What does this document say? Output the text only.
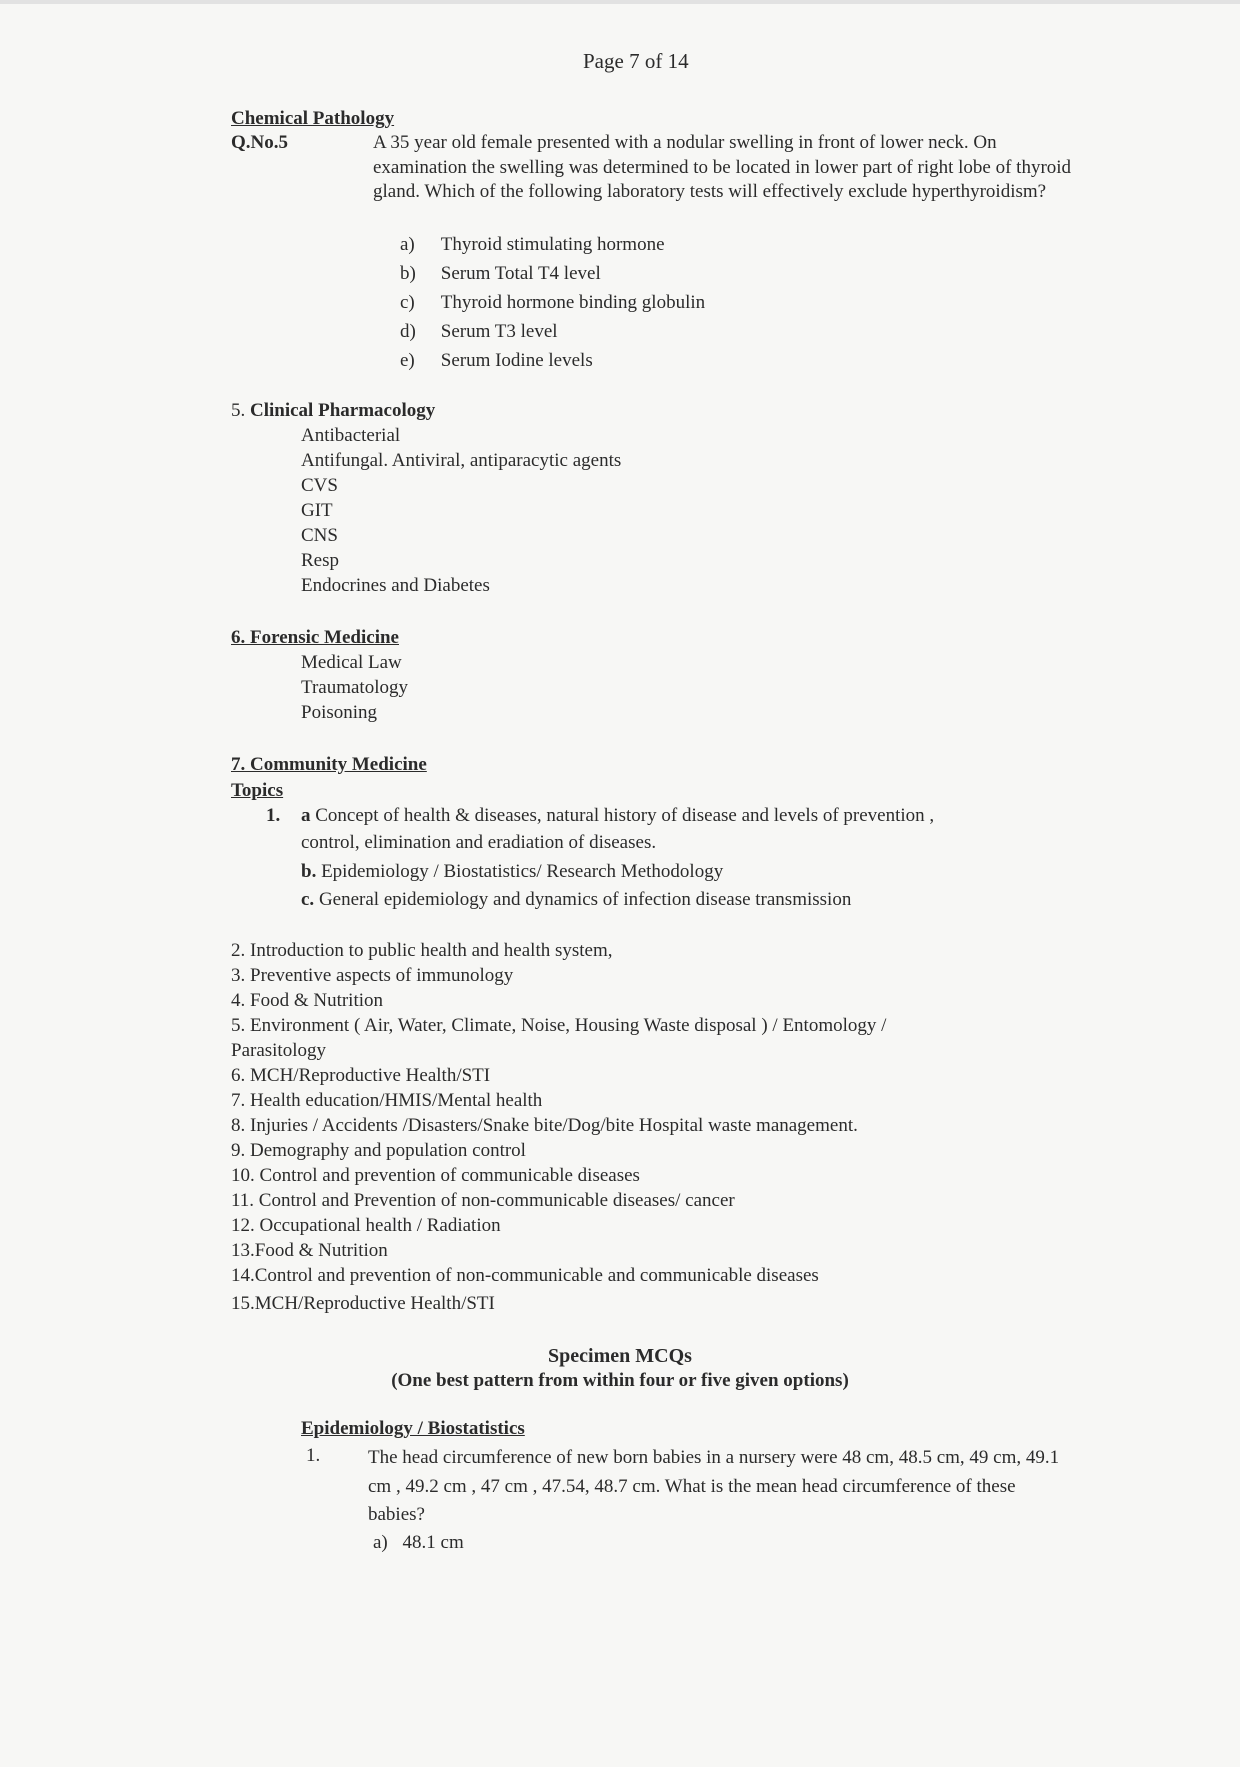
Page 7 of 14
Chemical Pathology
Q.No.5	A 35 year old female presented with a nodular swelling in front of lower neck. On examination the swelling was determined to be located in lower part of right lobe of thyroid gland. Which of the following laboratory tests will effectively exclude hyperthyroidism?
a) Thyroid stimulating hormone
b) Serum Total T4 level
c) Thyroid hormone binding globulin
d) Serum T3 level
e) Serum Iodine levels
5. Clinical Pharmacology
Antibacterial
Antifungal. Antiviral, antiparacytic agents
CVS
GIT
CNS
Resp
Endocrines and Diabetes
6. Forensic Medicine
Medical Law
Traumatology
Poisoning
7. Community Medicine
Topics
1. a Concept of health & diseases, natural history of disease and levels of prevention ,
control, elimination and eradiation of diseases.
b. Epidemiology / Biostatistics/ Research Methodology
c. General epidemiology and dynamics of infection disease transmission
2. Introduction to public health and health system,
3. Preventive aspects of immunology
4. Food & Nutrition
5. Environment ( Air, Water, Climate, Noise, Housing Waste disposal ) / Entomology /
Parasitology
6. MCH/Reproductive Health/STI
7. Health education/HMIS/Mental health
8. Injuries / Accidents /Disasters/Snake bite/Dog/bite Hospital waste management.
9. Demography and population control
10. Control and prevention of communicable diseases
11. Control and Prevention of non-communicable diseases/ cancer
12. Occupational health / Radiation
13.Food & Nutrition
14.Control and prevention of non-communicable and communicable diseases
15.MCH/Reproductive Health/STI
Specimen MCQs
(One best pattern from within four or five given options)
Epidemiology / Biostatistics
1.	The head circumference of new born babies in a nursery were 48 cm, 48.5 cm, 49 cm, 49.1 cm , 49.2 cm , 47 cm , 47.54, 48.7 cm. What is the mean head circumference of these babies?
a) 48.1 cm
